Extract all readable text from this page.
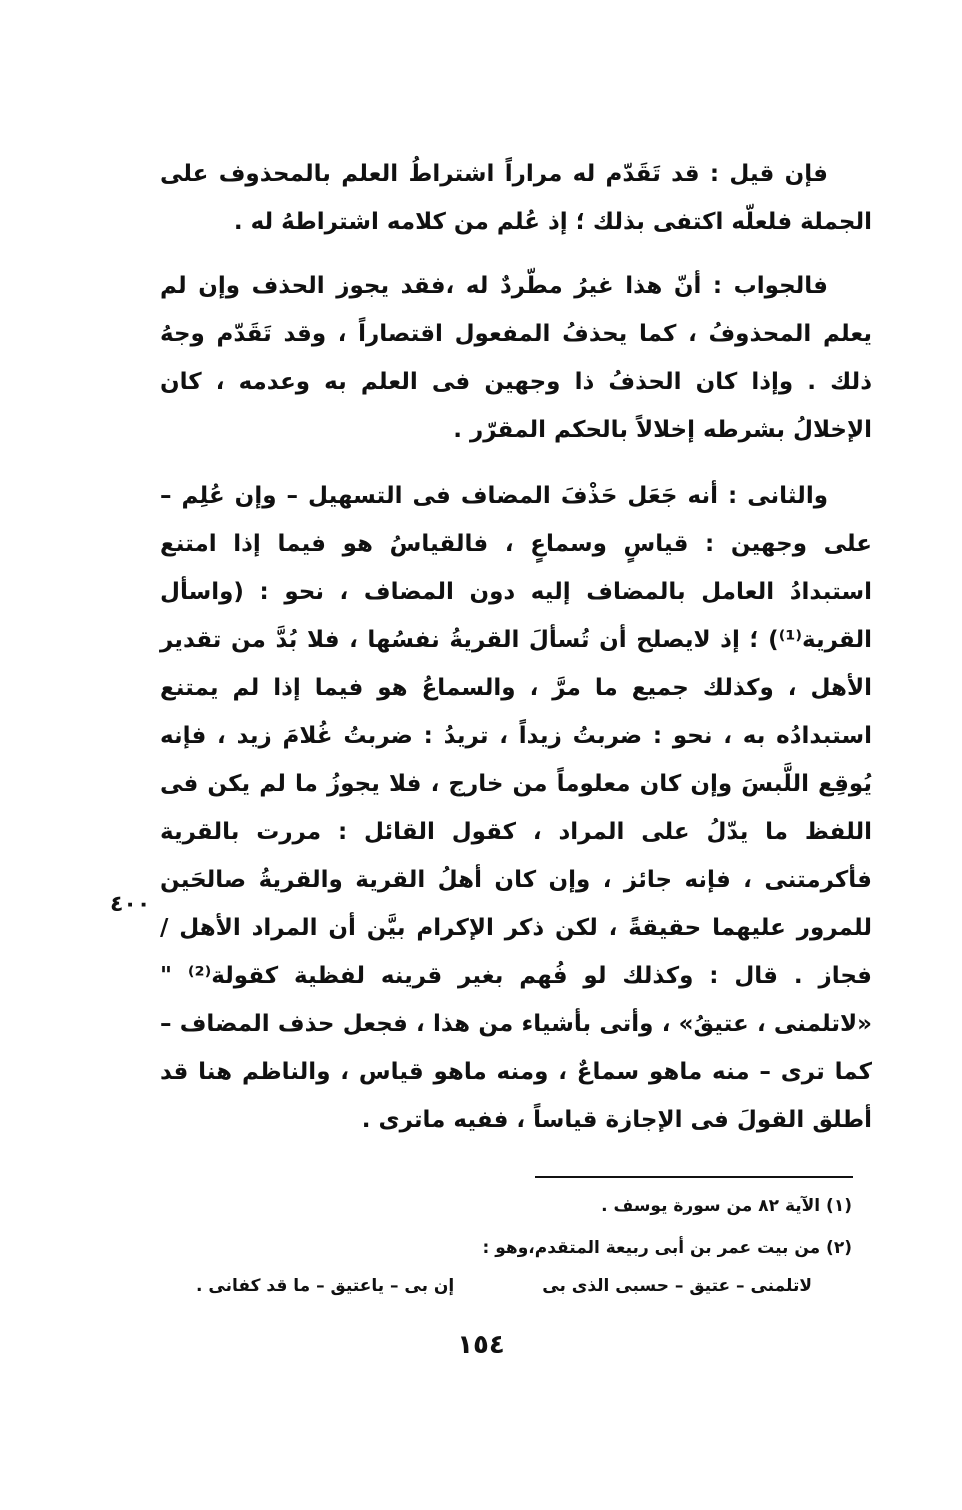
فإن قيل : قد تَقَدّم له مراراً اشتراطُ العلم بالمحذوف على الجملة فلعلّه اكتفى بذلك ؛ إذ عُلم من كلامه اشتراطهُ له .

فالجواب : أنّ هذا غيرُ مطّردٌ له ،فقد يجوز الحذف وإن لم يعلم المحذوفُ ، كما يحذفُ المفعول اقتصاراً ، وقد تَقَدّم وجهُ ذلك . وإذا كان الحذفُ ذا وجهين فى العلم به وعدمه ، كان الإخلالُ بشرطه إخلالاً بالحكم المقرّر .

والثانى : أنه جَعَل حَذْفَ المضاف فى التسهيل – وإن عُلِم – على وجهين : قياسٍ وسماعٍ ، فالقياسُ هو فيما إذا امتنع استبدادُ العامل بالمضاف إليه دون المضاف ، نحو : (واسأل القرية⁽¹⁾) ؛ إذ لايصلح أن تُسألَ القريةُ نفسُها ، فلا بُدَّ من تقدير الأهل ، وكذلك جميع ما مرَّ ، والسماعُ هو فيما إذا لم يمتنع استبدادُه به ، نحو : ضربتُ زيداً ، تريدُ : ضربتُ غُلامَ زيد ، فإنه يُوقِع اللَّبسَ وإن كان معلوماً من خارج ، فلا يجوزُ ما لم يكن فى اللفظ ما يدّلُ على المراد ، كقول القائل : مررت بالقرية فأكرمتنى ، فإنه جائز ، وإن كان أهلُ القرية والقريةُ صالحَين للمرور عليهما حقيقةً ، لكن ذكر الإكرام بيَّن أن المراد الأهل / فجاز . قال : وكذلك لو فُهم بغير قرينه لفظية كقولة⁽²⁾ " «لاتلمنى ، عتيقُ» ، وأتى بأشياء من هذا ، فجعل حذف المضاف – كما ترى – منه ماهو سماعٌ ، ومنه ماهو قياس ، والناظم هنا قد أطلق القولَ فى الإجازة قياساً ، ففيه ماترى .

٤٠٠
(١) الآية ٨٢ من سورة يوسف .
(٢) من بيت عمر بن أبى ربيعة المتقدم،وهو :
لاتلمنى – عتيق – حسبى الذى بى
إن بى – ياعتيق – ما قد كفانى .
١٥٤
